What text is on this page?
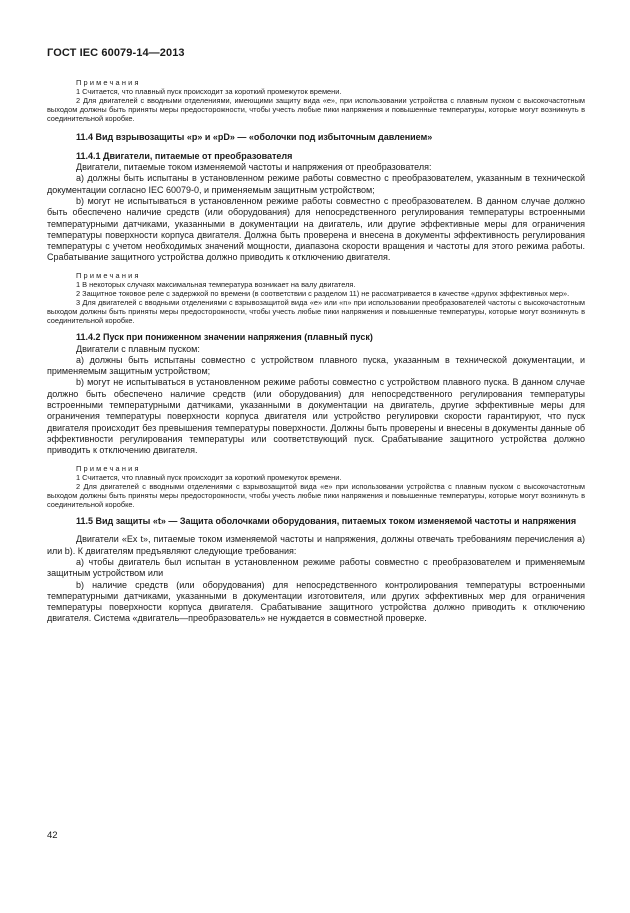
ГОСТ IEC 60079-14—2013

Примечания

1 Считается, что плавный пуск происходит за короткий промежуток времени.

2 Для двигателей с вводными отделениями, имеющими защиту вида «е», при использовании устройства с плавным пуском с высокочастотным выходом должны быть приняты меры предосторожности, чтобы учесть любые пики напряжения и повышенные температуры, которые могут возникнуть в соединительной коробке.

11.4 Вид взрывозащиты «р» и «pD» — «оболочки под избыточным давлением»

11.4.1 Двигатели, питаемые от преобразователя

Двигатели, питаемые током изменяемой частоты и напряжения от преобразователя:

a) должны быть испытаны в установленном режиме работы совместно с преобразователем, указанным в технической документации согласно IEC 60079-0, и применяемым защитным устройством;

b) могут не испытываться в установленном режиме работы совместно с преобразователем. В данном случае должно быть обеспечено наличие средств (или оборудования) для непосредственного регулирования температуры встроенными температурными датчиками, указанными в документации на двигатель, или другие эффективные меры для ограничения температуры поверхности корпуса двигателя. Должна быть проверена и внесена в документы эффективность регулирования температуры с учетом необходимых значений мощности, диапазона скорости вращения и частоты для этого режима работы. Срабатывание защитного устройства должно приводить к отключению двигателя.

Примечания

1 В некоторых случаях максимальная температура возникает на валу двигателя.

2 Защитное токовое реле с задержкой по времени (в соответствии с разделом 11) не рассматривается в качестве «других эффективных мер».

3 Для двигателей с вводными отделениями с взрывозащитой вида «е» или «n» при использовании преобразователей частоты с высокочастотным выходом должны быть приняты меры предосторожности, чтобы учесть любые пики напряжения и повышенные температуры, которые могут возникнуть в соединительной коробке.

11.4.2 Пуск при пониженном значении напряжения (плавный пуск)

Двигатели с плавным пуском:

a) должны быть испытаны совместно с устройством плавного пуска, указанным в технической документации, и применяемым защитным устройством;

b) могут не испытываться в установленном режиме работы совместно с устройством плавного пуска. В данном случае должно быть обеспечено наличие средств (или оборудования) для непосредственного регулирования температуры встроенными температурными датчиками, указанными в документации на двигатель, другие эффективные меры для ограничения температуры поверхности корпуса двигателя или устройство регулировки скорости гарантируют, что пуск двигателя происходит без превышения температуры поверхности. Должны быть проверены и внесены в документы данные об эффективности регулирования температуры или соответствующий пуск. Срабатывание защитного устройства должно приводить к отключению двигателя.

Примечания

1 Считается, что плавный пуск происходит за короткий промежуток времени.

2 Для двигателей с вводными отделениями с взрывозащитой вида «е» при использовании устройства с плавным пуском с высокочастотным выходом должны быть приняты меры предосторожности, чтобы учесть любые пики напряжения и повышенные температуры, которые могут возникнуть в соединительной коробке.

11.5 Вид защиты «t» — Защита оболочками оборудования, питаемых током изменяемой частоты и напряжения

Двигатели «Ex t», питаемые током изменяемой частоты и напряжения, должны отвечать требованиям перечисления a) или b). К двигателям предъявляют следующие требования:

a) чтобы двигатель был испытан в установленном режиме работы совместно с преобразователем и применяемым защитным устройством или

b) наличие средств (или оборудования) для непосредственного контролирования температуры встроенными температурными датчиками, указанными в документации изготовителя, или других эффективных мер для ограничения температуры поверхности корпуса двигателя. Срабатывание защитного устройства должно приводить к отключению двигателя. Система «двигатель—преобразователь» не нуждается в совместной проверке.

42
